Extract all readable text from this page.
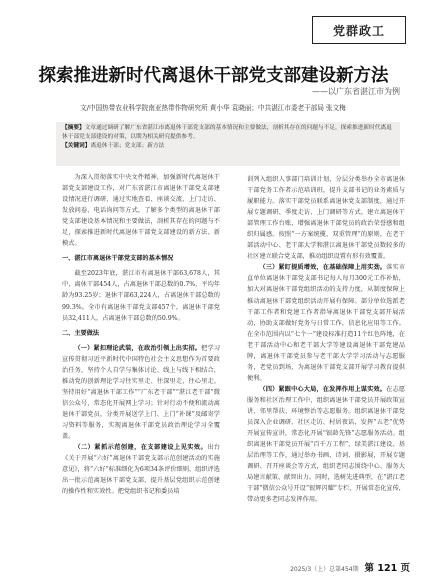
党群政工
探索推进新时代离退休干部党支部建设新方法
——以广东省湛江市为例
文/中国热带农业科学院南亚热带作物研究所 黄小华 袁晓丽；中共湛江市委老干部局 张文梅
【摘要】文章通过调研了解广东省湛江市离退休干部党支部的基本情况和主要做法，剖析其存在的问题与不足，探索推进新时代离退休干部党支部建设的对策，以期为相关研究提供参考。
【关键词】离退休干部；党支部；新方法

为深入贯彻落实中央文件精神，加强新时代离退休干部党支部建设工作，对广东省湛江市离退休干部党支部建设情况进行调研，通过实地查看、座谈交流、上门走访、发放问卷、电话询问等方式，了解多个类型的离退休干部党支部建设基本情况和主要做法，剖析其存在的问题与不足，探索推进新时代离退休干部党支部建设的新方法、新模式。

一、湛江市离退休干部党支部的基本情况

截至2023年底，湛江市有离退休干部63,678人，其中，离休干部454人，占离退休干部总数的0.7%，平均年龄为93.25岁；退休干部63,224人，占离退休干部总数的99.3%。全市有离退休干部党支部457个，离退休干部党员32,411人，占离退休干部总数的50.9%。

二、主要做法

（一）紧扣理论武装，在政治引领上出实招。把学习宣传贯彻习近平新时代中国特色社会主义思想作为首要政治任务，坚持个人自学与集体讨论、线上与线下相结合，推动党的创新理论学习往实里走、往深里走、往心里走。坚持用好“离退休干部工作”“广东老干部”“湛江老干部”微信公众号，常态化开展网上学习；针对行动不便和流动离退休干部党员，分类开展送学上门、上门“补课”及邮寄学习资料等服务，实现离退休干部党员政治理论学习全覆盖。

（二）紧抓示范创建，在支部建设上见实效。出台《关于开展“六好”离退休干部党支部示范创建活动的实施意见》，将“六好”标准细化为6项34条评价细则，组织评选出一批示范离退休干部党支部，提升基层党组织示范创建的操作性和实效性。把党组织书记和委员培

训列入组织人事部门培训计划，分层分类举办全市离退休干部党务工作者示范培训班，提升支部书记的业务素质与履职能力。落实干部党员联系离退休党支部制度，通过开展专题调研、季度走访、上门调研等方式，建立离退休干部管理工作台账，增强离退休干部党员的政治荣誉感和组织归属感。按照“一方案统揽、双重管理”的原则，在老干部活动中心、老干部大学和湛江离退休干部党员数较多的社区建立联合党支部，推动组织设置有形有效覆盖。

（三）紧盯提质增效，在基础保障上用实劲。落实市直单位离退休干部党支部书记每人每月300元工作补贴，加大对离退休干部党组织活动的支持力度，从制度保障上推动离退休干部党组织活动开展有保障。部分单位选派老干部工作者和党建工作者指导离退休干部党支部开展活动，协助支部做好党务与日常工作，信息化应用等工作。在全市范围内以“七个一”建设标准打造11个红色阵地，在老干部活动中心和老干部大学等建设离退休干部党建品牌，离退休干部党员参与老干部大学学习活动与志愿服务，老党员到场，为离退休干部党支部开展学习教育提供便利。

（四）紧跟中心大局，在发挥作用上谋实效。在志愿服务和社区治理工作中，组织离退休干部党员开展政策宣讲、邻里帮扶、环境整治等志愿服务。组织离退休干部党员深入企业调研、社区走访、村居夜话，发挥“五老”优势开展宣传宣讲，常态化开展“银龄先锋”志愿服务活动。组织离退休干部党员开展“百千万工程”、绿美湛江建设、基层治理等工作，通过举办书画、诗词、摄影展，开展专题调研、召开座谈会等方式，组织老同志围绕中心、服务大局建言献策、献智出力。同时，选树先进典型，在“湛江老干部”微信公众号开设“银辉闪耀”专栏，开展常态化宣传，带动更多老同志发挥作用。

2025/3（上）总第454期 第 121 页
